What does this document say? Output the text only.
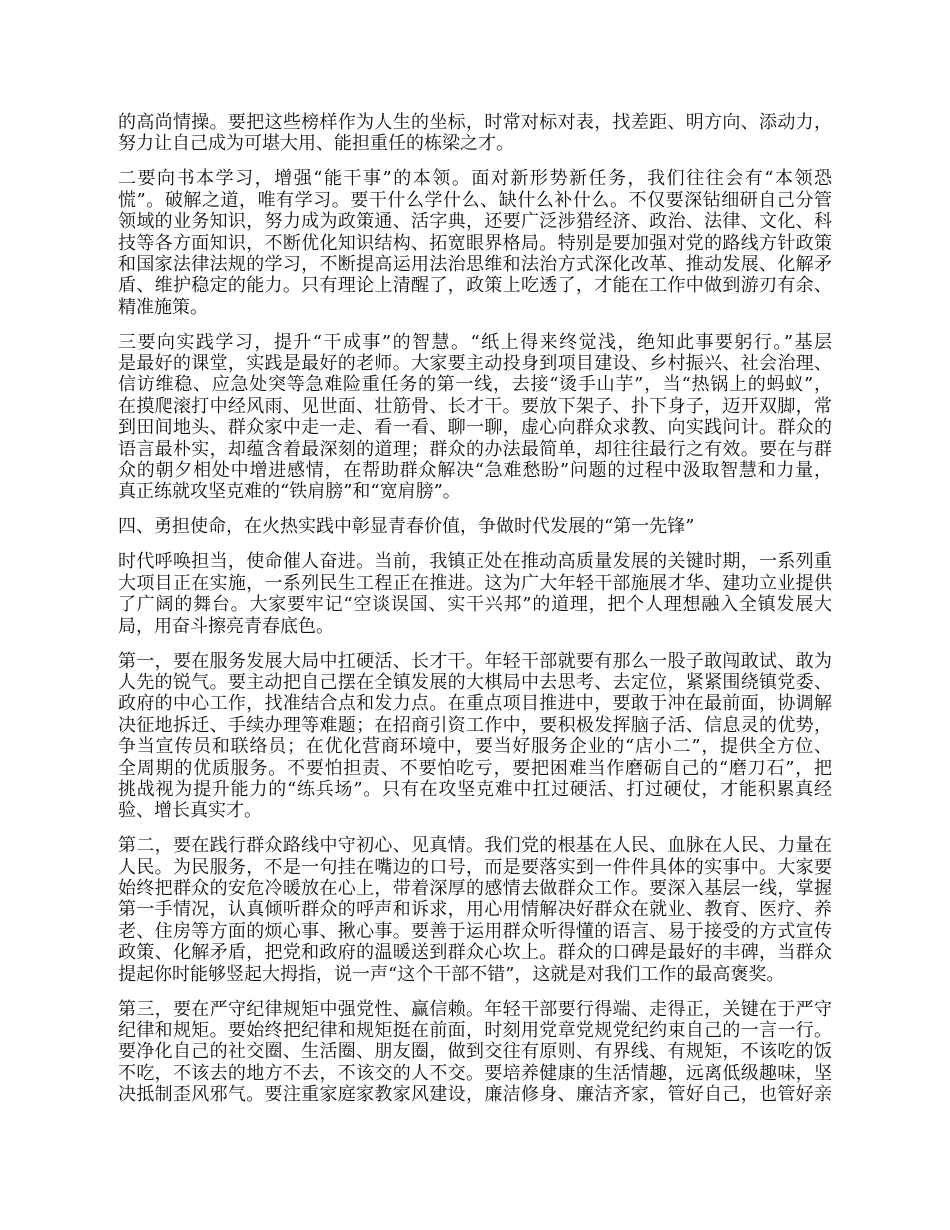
的高尚情操。要把这些榜样作为人生的坐标，时常对标对表，找差距、明方向、添动力，
努力让自己成为可堪大用、能担重任的栋梁之才。
二要向书本学习，增强“能干事”的本领。面对新形势新任务，我们往往会有“本领恐
慌”。破解之道，唯有学习。要干什么学什么、缺什么补什么。不仅要深钻细研自己分管
领域的业务知识，努力成为政策通、活字典，还要广泛涉猎经济、政治、法律、文化、科
技等各方面知识，不断优化知识结构、拓宽眼界格局。特别是要加强对党的路线方针政策
和国家法律法规的学习，不断提高运用法治思维和法治方式深化改革、推动发展、化解矛
盾、维护稳定的能力。只有理论上清醒了，政策上吃透了，才能在工作中做到游刃有余、
精准施策。
三要向实践学习，提升“干成事”的智慧。“纸上得来终觉浅，绝知此事要躬行。”基层
是最好的课堂，实践是最好的老师。大家要主动投身到项目建设、乡村振兴、社会治理、
信访维稳、应急处突等急难险重任务的第一线，去接“烫手山芋”，当“热锅上的蚂蚁”，
在摸爬滚打中经风雨、见世面、壮筋骨、长才干。要放下架子、扑下身子，迈开双脚，常
到田间地头、群众家中走一走、看一看、聊一聊，虚心向群众求教、向实践问计。群众的
语言最朴实，却蕴含着最深刻的道理；群众的办法最简单，却往往最行之有效。要在与群
众的朝夕相处中增进感情，在帮助群众解决“急难愁盼”问题的过程中汲取智慧和力量，
真正练就攻坚克难的“铁肩膀”和“宽肩膀”。
四、勇担使命，在火热实践中彰显青春价值，争做时代发展的“第一先锋”
时代呼唤担当，使命催人奋进。当前，我镇正处在推动高质量发展的关键时期，一系列重
大项目正在实施，一系列民生工程正在推进。这为广大年轻干部施展才华、建功立业提供
了广阔的舞台。大家要牢记“空谈误国、实干兴邦”的道理，把个人理想融入全镇发展大
局，用奋斗擦亮青春底色。
第一，要在服务发展大局中扛硬活、长才干。年轻干部就要有那么一股子敢闯敢试、敢为
人先的锐气。要主动把自己摆在全镇发展的大棋局中去思考、去定位，紧紧围绕镇党委、
政府的中心工作，找准结合点和发力点。在重点项目推进中，要敢于冲在最前面，协调解
决征地拆迁、手续办理等难题；在招商引资工作中，要积极发挥脑子活、信息灵的优势，
争当宣传员和联络员；在优化营商环境中，要当好服务企业的“店小二”，提供全方位、
全周期的优质服务。不要怕担责、不要怕吃亏，要把困难当作磨砺自己的“磨刀石”，把
挑战视为提升能力的“练兵场”。只有在攻坚克难中扛过硬活、打过硬仗，才能积累真经
验、增长真实才。
第二，要在践行群众路线中守初心、见真情。我们党的根基在人民、血脉在人民、力量在
人民。为民服务，不是一句挂在嘴边的口号，而是要落实到一件件具体的实事中。大家要
始终把群众的安危冷暖放在心上，带着深厚的感情去做群众工作。要深入基层一线，掌握
第一手情况，认真倾听群众的呼声和诉求，用心用情解决好群众在就业、教育、医疗、养
老、住房等方面的烦心事、揪心事。要善于运用群众听得懂的语言、易于接受的方式宣传
政策、化解矛盾，把党和政府的温暖送到群众心坎上。群众的口碑是最好的丰碑，当群众
提起你时能够竖起大拇指，说一声“这个干部不错”，这就是对我们工作的最高褒奖。
第三，要在严守纪律规矩中强党性、赢信赖。年轻干部要行得端、走得正，关键在于严守
纪律和规矩。要始终把纪律和规矩挺在前面，时刻用党章党规党纪约束自己的一言一行。
要净化自己的社交圈、生活圈、朋友圈，做到交往有原则、有界线、有规矩，不该吃的饭
不吃，不该去的地方不去，不该交的人不交。要培养健康的生活情趣，远离低级趣味，坚
决抵制歪风邪气。要注重家庭家教家风建设，廉洁修身、廉洁齐家，管好自己，也管好亲
